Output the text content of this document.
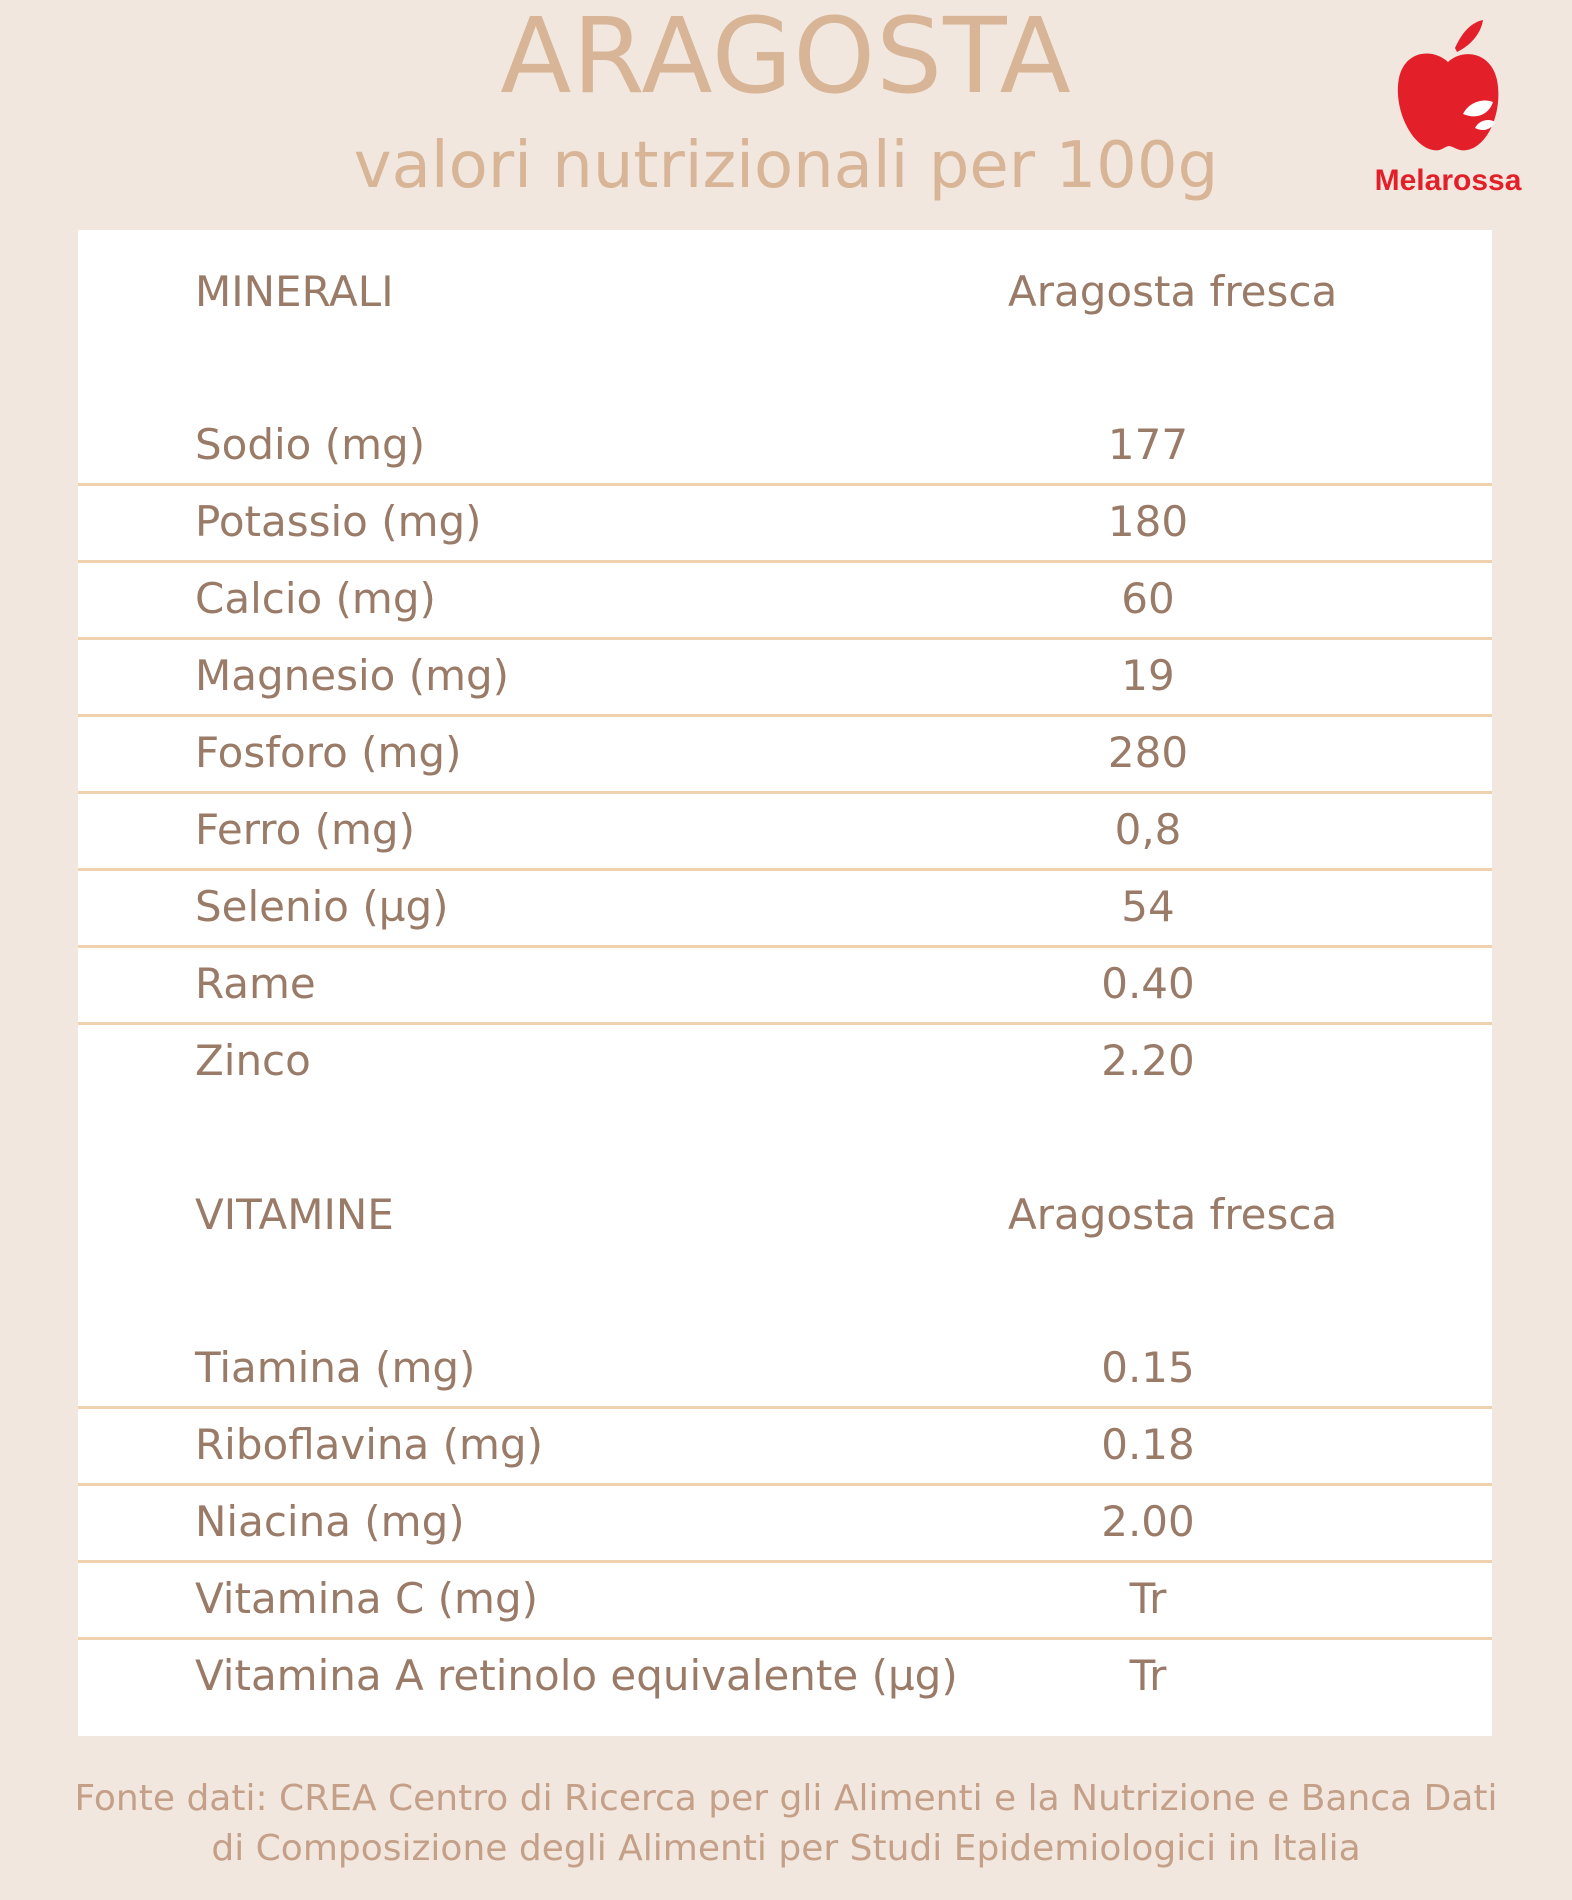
ARAGOSTA
valori nutrizionali per 100g	Melarossa
MINERALI	Aragosta fresca
Sodio (mg)	177
Potassio (mg)	180
Calcio (mg)	60
Magnesio (mg)	19
Fosforo (mg)	280
Ferro (mg)	0,8
Selenio (µg)	54
Rame	0.40
Zinco	2.20
VITAMINE	Aragosta fresca
Tiamina (mg)	0.15
Riboflavina (mg)	0.18
Niacina (mg)	2.00
Vitamina C (mg)	Tr
Vitamina A retinolo equivalente (µg)	Tr
Fonte dati: CREA Centro di Ricerca per gli Alimenti e la Nutrizione e Banca Dati
di Composizione degli Alimenti per Studi Epidemiologici in Italia
